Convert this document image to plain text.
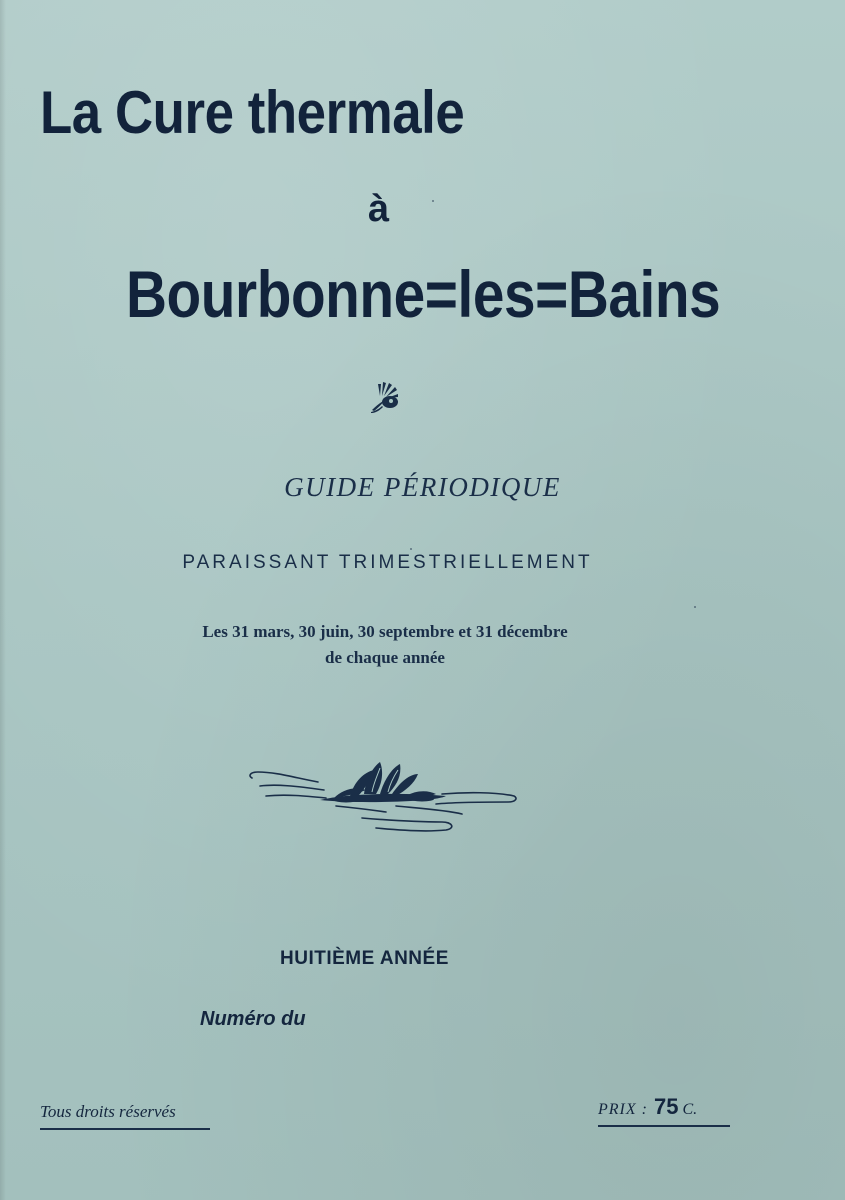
La Cure thermale
à
Bourbonne=les=Bains
GUIDE PÉRIODIQUE
PARAISSANT TRIMESTRIELLEMENT
Les 31 mars, 30 juin, 30 septembre et 31 décembre
de chaque année
HUITIÈME ANNÉE
Numéro du
Tous droits réservés	PRIX : 75 C.
